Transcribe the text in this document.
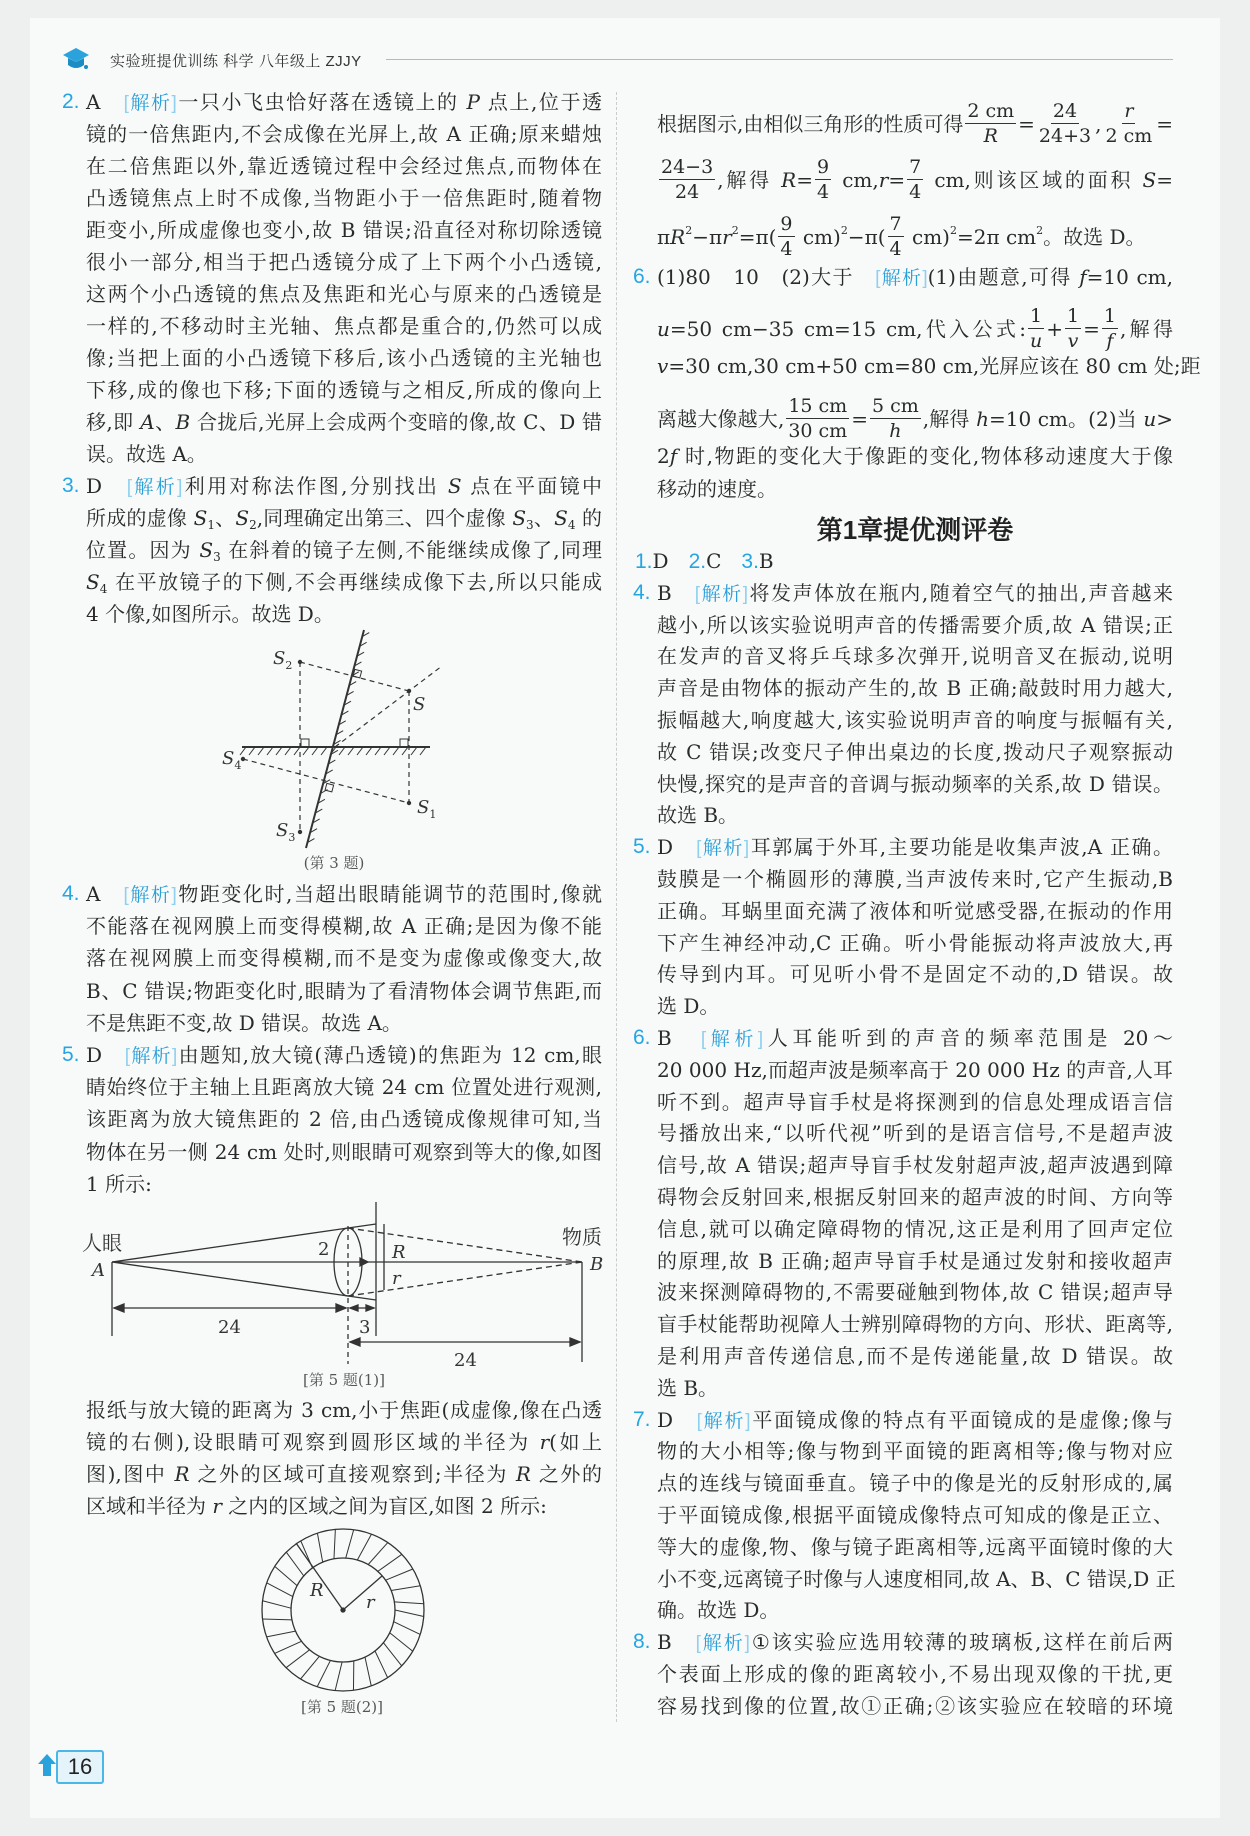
实验班提优训练 科学 八年级上 ZJJY
2. A　[ 解析 ] 一只小飞虫恰好落在透镜上的 P 点上,位于透
镜的一倍焦距内,不会成像在光屏上,故 A 正确;原来蜡烛
在二倍焦距以外,靠近透镜过程中会经过焦点,而物体在
凸透镜焦点上时不成像,当物距小于一倍焦距时,随着物
距变小,所成虚像也变小,故 B 错误;沿直径对称切除透镜
很小一部分,相当于把凸透镜分成了上下两个小凸透镜,
这两个小凸透镜的焦点及焦距和光心与原来的凸透镜是
一样的,不移动时主光轴、焦点都是重合的,仍然可以成
像;当把上面的小凸透镜下移后,该小凸透镜的主光轴也
下移,成的像也下移;下面的透镜与之相反,所成的像向上
移,即 A、B 合拢后,光屏上会成两个变暗的像,故 C、D 错
误。故选 A。
3. D　[ 解析 ] 利用对称法作图,分别找出 S 点在平面镜中
所成的虚像 $S_1$、$S_2$,同理确定出第三、四个虚像 $S_3$、$S_4$ 的
位置。因为 $S_3$ 在斜着的镜子左侧,不能继续成像了,同理
$S_4$ 在平放镜子的下侧,不会再继续成像下去,所以只能成
4 个像,如图所示。故选 D。
4. A　[ 解析 ] 物距变化时,当超出眼睛能调节的范围时,像就
不能落在视网膜上而变得模糊,故 A 正确;是因为像不能
落在视网膜上而变得模糊,而不是变为虚像或像变大,故
B、C 错误;物距变化时,眼睛为了看清物体会调节焦距,而
不是焦距不变,故 D 错误。故选 A。
5. D　[ 解析 ] 由题知,放大镜(薄凸透镜)的焦距为 12 cm,眼
睛始终位于主轴上且距离放大镜 24 cm 位置处进行观测,
该距离为放大镜焦距的 2 倍,由凸透镜成像规律可知,当
物体在另一侧 24 cm 处时,则眼睛可观察到等大的像,如图
1 所示:
报纸与放大镜的距离为 3 cm,小于焦距(成虚像,像在凸透
镜的右侧),设眼睛可观察到圆形区域的半径为 r(如上
图),图中 R 之外的区域可直接观察到;半径为 R 之外的
区域和半径为 r 之内的区域之间为盲区,如图 2 所示:
根据图示,由相似三角形的性质可得 $\frac{2 cm}{R} = \frac{24}{24+3}$ , $\frac{r}{2 cm}$ =
$\frac{24-3}{24}$ ,解得 $R= \frac{9}{4} cm,r= \frac{7}{4}$ cm,则该区域的面积 S=
$\pi R^2-\pi r^2=\pi( \frac{9}{4} cm)^2-\pi( \frac{7}{4} cm)^2=2\pi$ $cm^2$。故选 D。
6. (1)80　10　(2)大于　[ 解析 ] (1)由题意,可得 f=10 cm,
u=50 cm−35 cm=15 cm,代入公式: $\frac{1}{u} + \frac{1}{v} = \frac{1}{f}$ ,解得
v=30 cm,30 cm+50 cm=80 cm,光屏应该在 80 cm 处;距
离越大像越大, $\frac{15 cm}{30 cm} = \frac{5 cm}{h}$ ,解得 h=10 cm。(2)当 u>
2f 时,物距的变化大于像距的变化,物体移动速度大于像
移动的速度。
第1章提优测评卷
1.D　2.C　3.B
4. B　[ 解析 ] 将发声体放在瓶内,随着空气的抽出,声音越来
越小,所以该实验说明声音的传播需要介质,故 A 错误;正
在发声的音叉将乒乓球多次弹开,说明音叉在振动,说明
声音是由物体的振动产生的,故 B 正确;敲鼓时用力越大,
振幅越大,响度越大,该实验说明声音的响度与振幅有关,
故 C 错误;改变尺子伸出桌边的长度,拨动尺子观察振动
快慢,探究的是声音的音调与振动频率的关系,故 D 错误。
故选 B。
5. D　[ 解析 ] 耳郭属于外耳,主要功能是收集声波,A 正确。
鼓膜是一个椭圆形的薄膜,当声波传来时,它产生振动,B
正确。耳蜗里面充满了液体和听觉感受器,在振动的作用
下产生神经冲动,C 正确。听小骨能振动将声波放大,再
传导到内耳。可见听小骨不是固定不动的,D 错误。故
选 D。
6. B　[ 解析 ] 人耳能听到的声音的频率范围是 20～
20 000 Hz,而超声波是频率高于 20 000 Hz 的声音,人耳
听不到。超声导盲手杖是将探测到的信息处理成语言信
号播放出来,“以听代视”听到的是语言信号,不是超声波
信号,故 A 错误;超声导盲手杖发射超声波,超声波遇到障
碍物会反射回来,根据反射回来的超声波的时间、方向等
信息,就可以确定障碍物的情况,这正是利用了回声定位
的原理,故 B 正确;超声导盲手杖是通过发射和接收超声
波来探测障碍物的,不需要碰触到物体,故 C 错误;超声导
盲手杖能帮助视障人士辨别障碍物的方向、形状、距离等,
是利用声音传递信息,而不是传递能量,故 D 错误。故
选 B。
7. D　[ 解析 ] 平面镜成像的特点有平面镜成的是虚像;像与
物的大小相等;像与物到平面镜的距离相等;像与物对应
点的连线与镜面垂直。镜子中的像是光的反射形成的,属
于平面镜成像,根据平面镜成像特点可知成的像是正立、
等大的虚像,物、像与镜子距离相等,远离平面镜时像的大
小不变,远离镜子时像与人速度相同,故 A、B、C 错误,D 正
确。故选 D。
8. B　[ 解析 ] ①该实验应选用较薄的玻璃板,这样在前后两
个表面上形成的像的距离较小,不易出现双像的干扰,更
容易找到像的位置,故①正确;②该实验应在较暗的环境
S
$S_2$
$S_4$
$S_1$
$S_3$
(第 3 题)
人眼
A
物质
B
2	R
r
24	3
24
[第 5 题(1)]
R
r
[第 5 题(2)]
16
